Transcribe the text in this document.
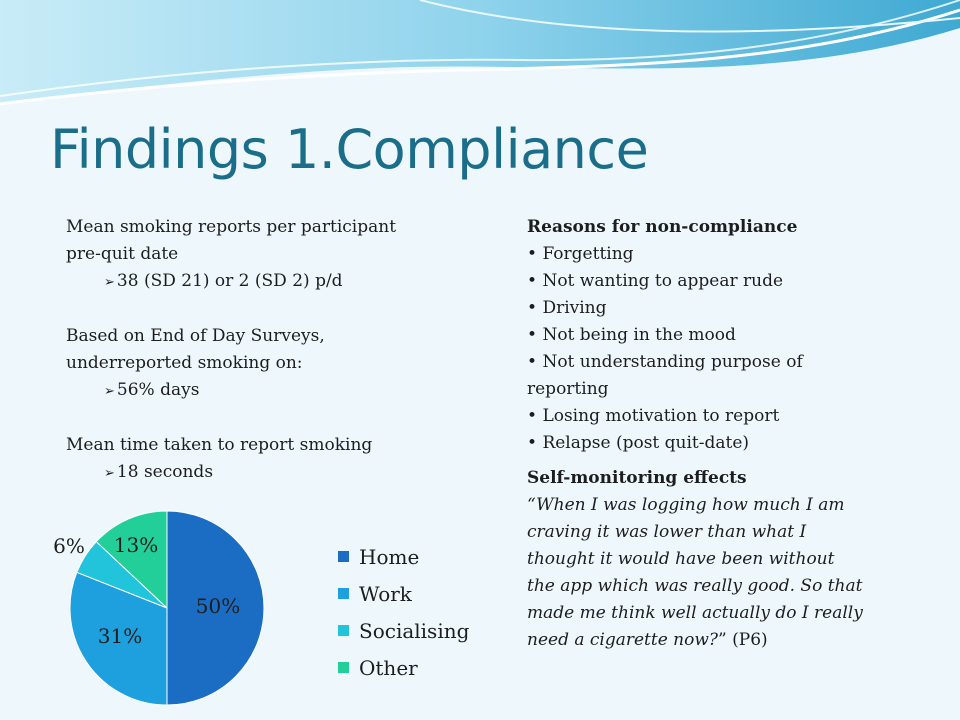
Findings 1.Compliance

Mean smoking reports per participant

pre-quit date

➢ 38 (SD 21) or 2 (SD 2) p/d

Based on End of Day Surveys,

underreported smoking on:

➢ 56% days

Mean time taken to report smoking

➢ 18 seconds

Reasons for non-compliance

• Forgetting
• Not wanting to appear rude
• Driving
• Not being in the mood
• Not understanding purpose of
reporting
• Losing motivation to report
• Relapse (post quit-date)

Self-monitoring effects

“When I was logging how much I am

craving it was lower than what I

thought it would have been without

the app which was really good. So that

made me think well actually do I really

need a cigarette now?” (P6)

50%
31%
6% 13%	Home
Work
Socialising
Other
